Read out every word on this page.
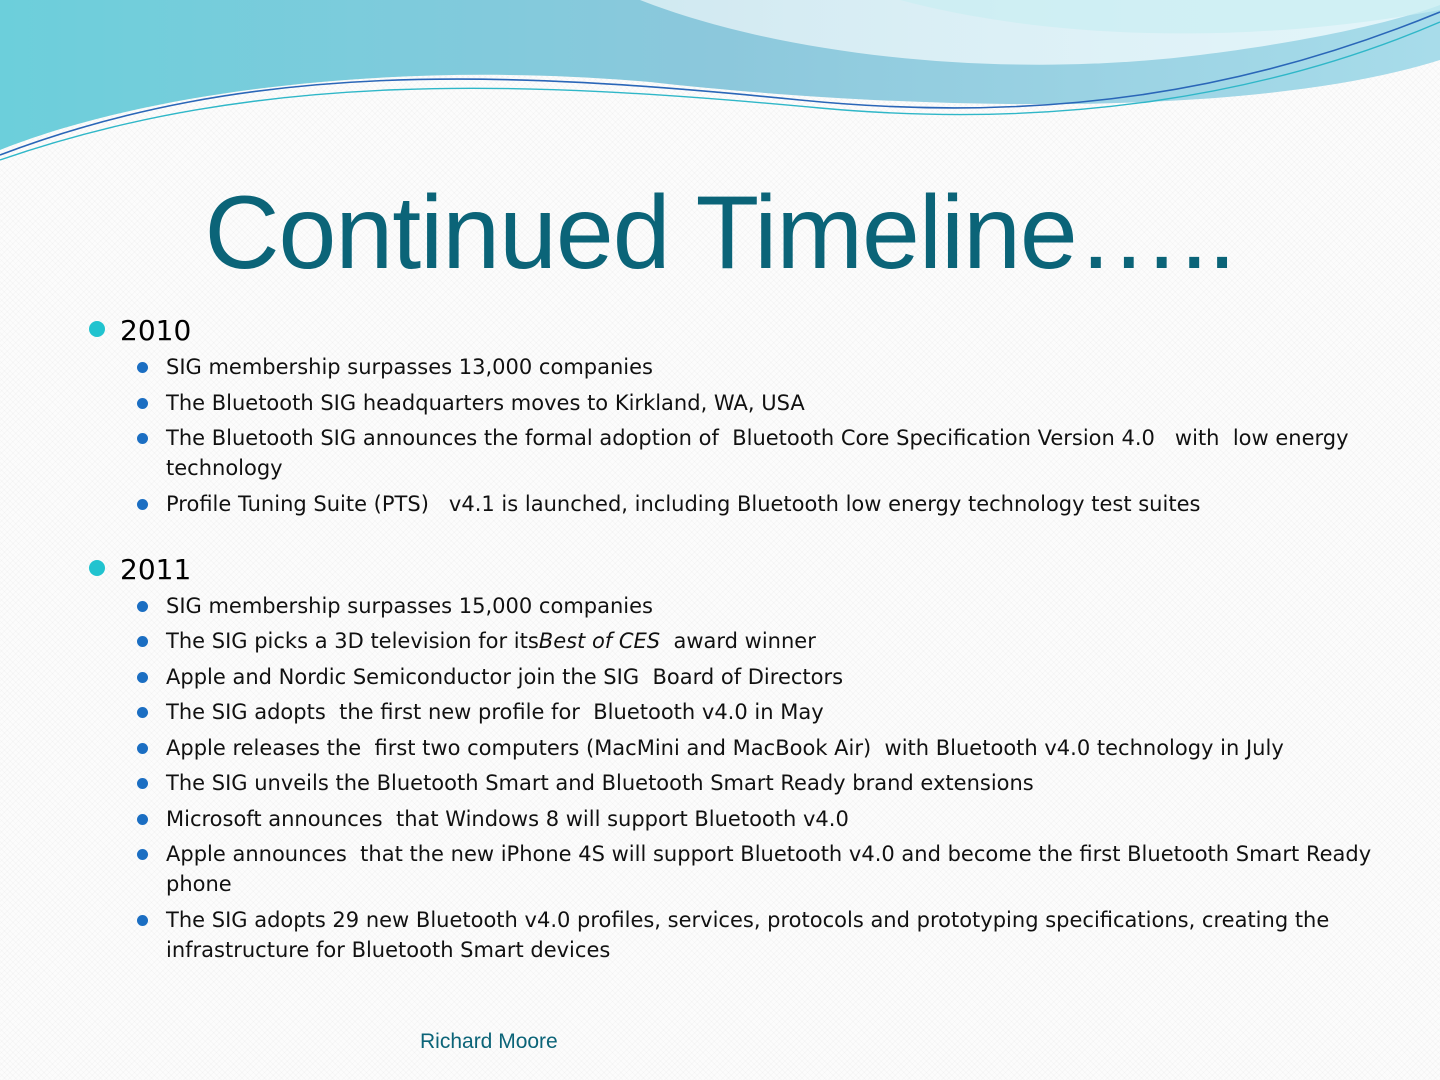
Continued Timeline…..
2010
SIG membership surpasses 13,000 companies
The Bluetooth SIG headquarters moves to Kirkland, WA, USA
The Bluetooth SIG announces the formal adoption of  Bluetooth Core Specification Version 4.0   with  low energy technology
Profile Tuning Suite (PTS)   v4.1 is launched, including Bluetooth low energy technology test suites
2011
SIG membership surpasses 15,000 companies
The SIG picks a 3D television for itsBest of CES  award winner
Apple and Nordic Semiconductor join the SIG  Board of Directors
The SIG adopts  the first new profile for  Bluetooth v4.0 in May
Apple releases the  first two computers (MacMini and MacBook Air)  with Bluetooth v4.0 technology in July
The SIG unveils the Bluetooth Smart and Bluetooth Smart Ready brand extensions
Microsoft announces  that Windows 8 will support Bluetooth v4.0
Apple announces  that the new iPhone 4S will support Bluetooth v4.0 and become the first Bluetooth Smart Ready phone
The SIG adopts 29 new Bluetooth v4.0 profiles, services, protocols and prototyping specifications, creating the infrastructure for Bluetooth Smart devices
Richard Moore
